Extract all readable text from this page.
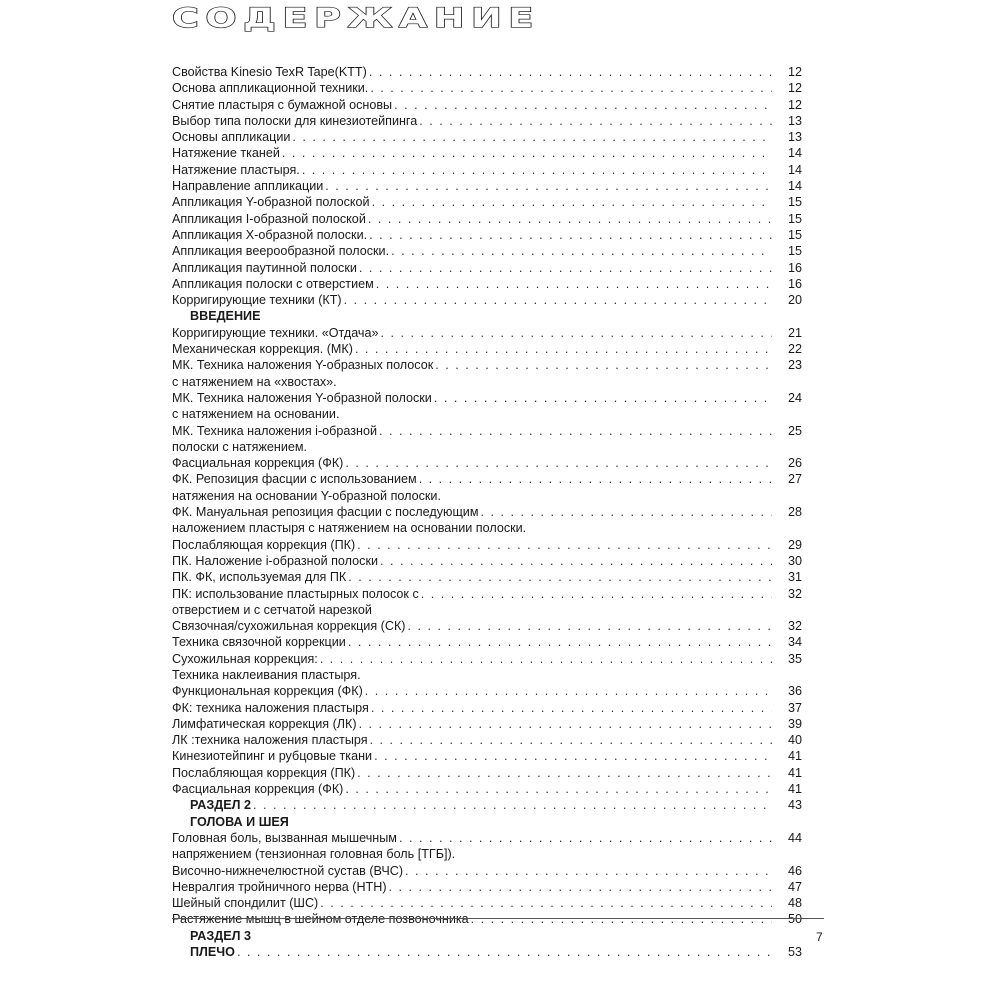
СОДЕРЖАНИЕ
Свойства Kinesio TexR Tape(KTT) . . .	12
Основа аппликационной техники. . . .	12
Снятие пластыря с бумажной основы . . .	12
Выбор типа полоски для кинезиотейпинга . . .	13
Основы аппликации . . .	13
Натяжение тканей . . .	14
Натяжение пластыря. . . .	14
Направление аппликации . . .	14
Аппликация Y-образной полоской . . .	15
Аппликация I-образной полоской . . .	15
Аппликация Х-образной полоски. . . .	15
Аппликация веерообразной полоски. . . .	15
Аппликация паутинной полоски . . .	16
Аппликация полоски с отверстием . . .	16
Корригирующие техники (КТ) . . .	20
ВВЕДЕНИЕ
Корригирующие техники. «Отдача» . . .	21
Механическая коррекция. (МК) . . .	22
МК. Техника наложения Y-образных полосок . . .	23
с натяжением на «хвостах».
МК. Техника наложения Y-образной полоски . . .	24
с натяжением на основании.
МК. Техника наложения i-образной . . .	25
полоски с натяжением.
Фасциальная коррекция (ФК) . . .	26
ФК. Репозиция фасции с использованием . . .	27
натяжения на основании Y-образной полоски.
ФК. Мануальная репозиция фасции с последующим . . .	28
наложением пластыря с натяжением на основании полоски.
Послабляющая коррекция (ПК) . . .	29
ПК. Наложение i-образной полоски . . .	30
ПК. ФК, используемая для ПК . . .	31
ПК: использование пластырных полосок с . . .	32
отверстием и с сетчатой нарезкой
Связочная/сухожильная коррекция (СК) . . .	32
Техника связочной коррекции . . .	34
Сухожильная коррекция: . . .	35
Техника наклеивания пластыря.
Функциональная коррекция (ФК) . . .	36
ФК: техника наложения пластыря . . .	37
Лимфатическая коррекция (ЛК) . . .	39
ЛК :техника наложения пластыря . . .	40
Кинезиотейпинг и рубцовые ткани . . .	41
Послабляющая коррекция (ПК) . . .	41
Фасциальная коррекция (ФК) . . .	41
РАЗДЕЛ 2 . . .	43
ГОЛОВА И ШЕЯ
Головная боль, вызванная мышечным . . .	44
напряжением (тензионная головная боль [ТГБ]).
Височно-нижнечелюстной сустав (ВЧС) . . .	46
Невралгия тройничного нерва (НТН) . . .	47
Шейный спондилит (ШС) . . .	48
Растяжение мышц в шейном отделе позвоночника . . .	50
РАЗДЕЛ 3
ПЛЕЧО . . .	53
7
